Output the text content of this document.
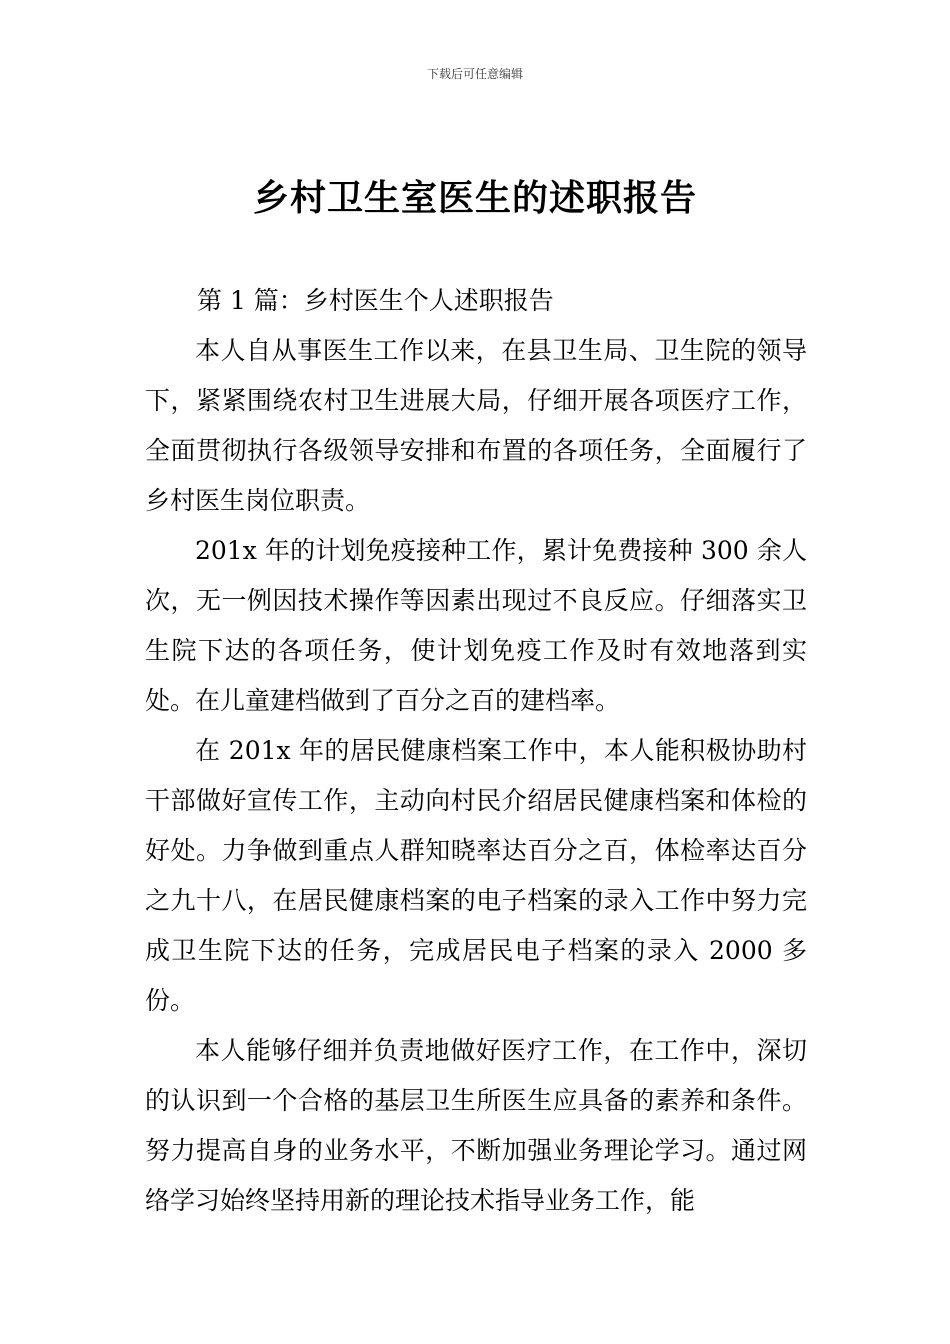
下载后可任意编辑
乡村卫生室医生的述职报告

第 1 篇：乡村医生个人述职报告

本人自从事医生工作以来，在县卫生局、卫生院的领导下，紧紧围绕农村卫生进展大局，仔细开展各项医疗工作，全面贯彻执行各级领导安排和布置的各项任务，全面履行了乡村医生岗位职责。

201x 年的计划免疫接种工作，累计免费接种 300 余人次，无一例因技术操作等因素出现过不良反应。仔细落实卫生院下达的各项任务，使计划免疫工作及时有效地落到实处。在儿童建档做到了百分之百的建档率。

在 201x 年的居民健康档案工作中，本人能积极协助村干部做好宣传工作，主动向村民介绍居民健康档案和体检的好处。力争做到重点人群知晓率达百分之百，体检率达百分之九十八，在居民健康档案的电子档案的录入工作中努力完成卫生院下达的任务，完成居民电子档案的录入 2000 多份。

本人能够仔细并负责地做好医疗工作，在工作中，深切的认识到一个合格的基层卫生所医生应具备的素养和条件。努力提高自身的业务水平，不断加强业务理论学习。通过网络学习始终坚持用新的理论技术指导业务工作，能
